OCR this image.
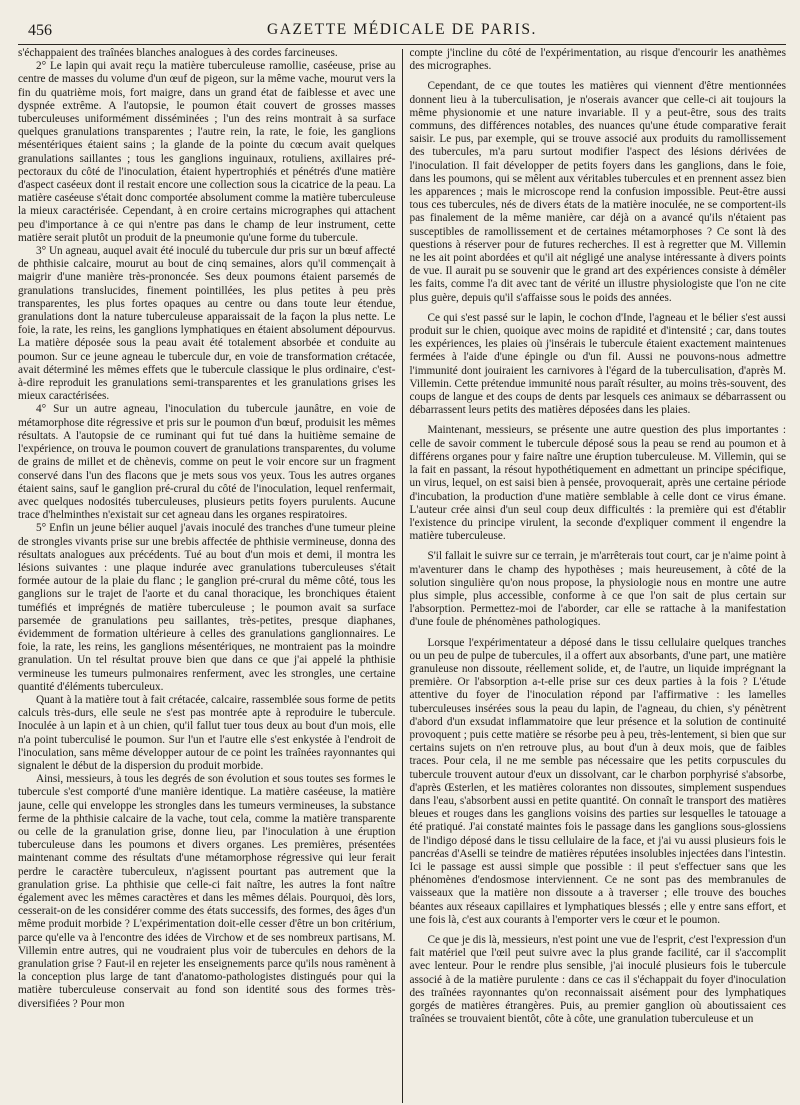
456	GAZETTE MÉDICALE DE PARIS.

s'échappaient des traînées blanches analogues à des cordes farcineuses.

2° Le lapin qui avait reçu la matière tuberculeuse ramollie, caséeuse, prise au centre de masses du volume d'un œuf de pigeon, sur la même vache, mourut vers la fin du quatrième mois, fort maigre, dans un grand état de faiblesse et avec une dyspnée extrême. A l'autopsie, le poumon était couvert de grosses masses tuberculeuses uniformément disséminées ; l'un des reins montrait à sa surface quelques granulations transparentes ; l'autre rein, la rate, le foie, les ganglions mésentériques étaient sains ; la glande de la pointe du cœcum avait quelques granulations saillantes ; tous les ganglions inguinaux, rotuliens, axillaires pré-pectoraux du côté de l'inoculation, étaient hypertrophiés et pénétrés d'une matière d'aspect caséeux dont il restait encore une collection sous la cicatrice de la peau. La matière caséeuse s'était donc comportée absolument comme la matière tuberculeuse la mieux caractérisée. Cependant, à en croire certains micrographes qui attachent peu d'importance à ce qui n'entre pas dans le champ de leur instrument, cette matière serait plutôt un produit de la pneumonie qu'une forme du tubercule.

3° Un agneau, auquel avait été inoculé du tubercule dur pris sur un bœuf affecté de phthisie calcaire, mourut au bout de cinq semaines, alors qu'il commençait à maigrir d'une manière très-prononcée. Ses deux poumons étaient parsemés de granulations translucides, finement pointillées, les plus petites à peu près transparentes, les plus fortes opaques au centre ou dans toute leur étendue, granulations dont la nature tuberculeuse apparaissait de la façon la plus nette. Le foie, la rate, les reins, les ganglions lymphatiques en étaient absolument dépourvus. La matière déposée sous la peau avait été totalement absorbée et conduite au poumon. Sur ce jeune agneau le tubercule dur, en voie de transformation crétacée, avait déterminé les mêmes effets que le tubercule classique le plus ordinaire, c'est-à-dire reproduit les granulations semi-transparentes et les granulations grises les mieux caractérisées.

4° Sur un autre agneau, l'inoculation du tubercule jaunâtre, en voie de métamorphose dite régressive et pris sur le poumon d'un bœuf, produisit les mêmes résultats. A l'autopsie de ce ruminant qui fut tué dans la huitième semaine de l'expérience, on trouva le poumon couvert de granulations transparentes, du volume de grains de millet et de chènevis, comme on peut le voir encore sur un fragment conservé dans l'un des flacons que je mets sous vos yeux. Tous les autres organes étaient sains, sauf le ganglion pré-crural du côté de l'inoculation, lequel renfermait, avec quelques nodosités tuberculeuses, plusieurs petits foyers purulents. Aucune trace d'helminthes n'existait sur cet agneau dans les organes respiratoires.

5° Enfin un jeune bélier auquel j'avais inoculé des tranches d'une tumeur pleine de strongles vivants prise sur une brebis affectée de phthisie vermineuse, donna des résultats analogues aux précédents. Tué au bout d'un mois et demi, il montra les lésions suivantes : une plaque indurée avec granulations tuberculeuses s'était formée autour de la plaie du flanc ; le ganglion pré-crural du même côté, tous les ganglions sur le trajet de l'aorte et du canal thoracique, les bronchiques étaient tuméfiés et imprégnés de matière tuberculeuse ; le poumon avait sa surface parsemée de granulations peu saillantes, très-petites, presque diaphanes, évidemment de formation ultérieure à celles des granulations ganglionnaires. Le foie, la rate, les reins, les ganglions mésentériques, ne montraient pas la moindre granulation. Un tel résultat prouve bien que dans ce que j'ai appelé la phthisie vermineuse les tumeurs pulmonaires renferment, avec les strongles, une certaine quantité d'éléments tuberculeux.

Quant à la matière tout à fait crétacée, calcaire, rassemblée sous forme de petits calculs très-durs, elle seule ne s'est pas montrée apte à reproduire le tubercule. Inoculée à un lapin et à un chien, qu'il fallut tuer tous deux au bout d'un mois, elle n'a point tuberculisé le poumon. Sur l'un et l'autre elle s'est enkystée à l'endroit de l'inoculation, sans même développer autour de ce point les traînées rayonnantes qui signalent le début de la dispersion du produit morbide.

Ainsi, messieurs, à tous les degrés de son évolution et sous toutes ses formes le tubercule s'est comporté d'une manière identique. La matière caséeuse, la matière jaune, celle qui enveloppe les strongles dans les tumeurs vermineuses, la substance ferme de la phthisie calcaire de la vache, tout cela, comme la matière transparente ou celle de la granulation grise, donne lieu, par l'inoculation à une éruption tuberculeuse dans les poumons et divers organes. Les premières, présentées maintenant comme des résultats d'une métamorphose régressive qui leur ferait perdre le caractère tuberculeux, n'agissent pourtant pas autrement que la granulation grise. La phthisie que celle-ci fait naître, les autres la font naître également avec les mêmes caractères et dans les mêmes délais. Pourquoi, dès lors, cesserait-on de les considérer comme des états successifs, des formes, des âges d'un même produit morbide ? L'expérimentation doit-elle cesser d'être un bon critérium, parce qu'elle va à l'encontre des idées de Virchow et de ses nombreux partisans, M. Villemin entre autres, qui ne voudraient plus voir de tubercules en dehors de la granulation grise ? Faut-il en rejeter les enseignements parce qu'ils nous ramènent à la conception plus large de tant d'anatomo-pathologistes distingués pour qui la matière tuberculeuse conservait au fond son identité sous des formes très-diversifiées ? Pour mon

compte j'incline du côté de l'expérimentation, au risque d'encourir les anathèmes des micrographes.

Cependant, de ce que toutes les matières qui viennent d'être mentionnées donnent lieu à la tuberculisation, je n'oserais avancer que celle-ci ait toujours la même physionomie et une nature invariable. Il y a peut-être, sous des traits communs, des différences notables, des nuances qu'une étude comparative ferait saisir. Le pus, par exemple, qui se trouve associé aux produits du ramollissement des tubercules, m'a paru surtout modifier l'aspect des lésions dérivées de l'inoculation. Il fait développer de petits foyers dans les ganglions, dans le foie, dans les poumons, qui se mêlent aux véritables tubercules et en prennent assez bien les apparences ; mais le microscope rend la confusion impossible. Peut-être aussi tous ces tubercules, nés de divers états de la matière inoculée, ne se comportent-ils pas finalement de la même manière, car déjà on a avancé qu'ils n'étaient pas susceptibles de ramollissement et de certaines métamorphoses ? Ce sont là des questions à réserver pour de futures recherches. Il est à regretter que M. Villemin ne les ait point abordées et qu'il ait négligé une analyse intéressante à divers points de vue. Il aurait pu se souvenir que le grand art des expériences consiste à démêler les faits, comme l'a dit avec tant de vérité un illustre physiologiste que l'on ne cite plus guère, depuis qu'il s'affaisse sous le poids des années.

Ce qui s'est passé sur le lapin, le cochon d'Inde, l'agneau et le bélier s'est aussi produit sur le chien, quoique avec moins de rapidité et d'intensité ; car, dans toutes les expériences, les plaies où j'insérais le tubercule étaient exactement maintenues fermées à l'aide d'une épingle ou d'un fil. Aussi ne pouvons-nous admettre l'immunité dont jouiraient les carnivores à l'égard de la tuberculisation, d'après M. Villemin. Cette prétendue immunité nous paraît résulter, au moins très-souvent, des coups de langue et des coups de dents par lesquels ces animaux se débarrassent ou débarrassent leurs petits des matières déposées dans les plaies.

Maintenant, messieurs, se présente une autre question des plus importantes : celle de savoir comment le tubercule déposé sous la peau se rend au poumon et à différens organes pour y faire naître une éruption tuberculeuse. M. Villemin, qui se la fait en passant, la résout hypothétiquement en admettant un principe spécifique, un virus, lequel, on est saisi bien à pensée, provoquerait, après une certaine période d'incubation, la production d'une matière semblable à celle dont ce virus émane. L'auteur crée ainsi d'un seul coup deux difficultés : la première qui est d'établir l'existence du principe virulent, la seconde d'expliquer comment il engendre la matière tuberculeuse.

S'il fallait le suivre sur ce terrain, je m'arrêterais tout court, car je n'aime point à m'aventurer dans le champ des hypothèses ; mais heureusement, à côté de la solution singulière qu'on nous propose, la physiologie nous en montre une autre plus simple, plus accessible, conforme à ce que l'on sait de plus certain sur l'absorption. Permettez-moi de l'aborder, car elle se rattache à la manifestation d'une foule de phénomènes pathologiques.

Lorsque l'expérimentateur a déposé dans le tissu cellulaire quelques tranches ou un peu de pulpe de tubercules, il a offert aux absorbants, d'une part, une matière granuleuse non dissoute, réellement solide, et, de l'autre, un liquide imprégnant la première. Or l'absorption a-t-elle prise sur ces deux parties à la fois ? L'étude attentive du foyer de l'inoculation répond par l'affirmative : les lamelles tuberculeuses insérées sous la peau du lapin, de l'agneau, du chien, s'y pénètrent d'abord d'un exsudat inflammatoire que leur présence et la solution de continuité provoquent ; puis cette matière se résorbe peu à peu, très-lentement, si bien que sur certains sujets on n'en retrouve plus, au bout d'un à deux mois, que de faibles traces. Pour cela, il ne me semble pas nécessaire que les petits corpuscules du tubercule trouvent autour d'eux un dissolvant, car le charbon porphyrisé s'absorbe, d'après Œsterlen, et les matières colorantes non dissoutes, simplement suspendues dans l'eau, s'absorbent aussi en petite quantité. On connaît le transport des matières bleues et rouges dans les ganglions voisins des parties sur lesquelles le tatouage a été pratiqué. J'ai constaté maintes fois le passage dans les ganglions sous-glossiens de l'indigo déposé dans le tissu cellulaire de la face, et j'ai vu aussi plusieurs fois le pancréas d'Aselli se teindre de matières réputées insolubles injectées dans l'intestin. Ici le passage est aussi simple que possible : il peut s'effectuer sans que les phénomènes d'endosmose interviennent. Ce ne sont pas des membranules de vaisseaux que la matière non dissoute a à traverser ; elle trouve des bouches béantes aux réseaux capillaires et lymphatiques blessés ; elle y entre sans effort, et une fois là, c'est aux courants à l'emporter vers le cœur et le poumon.

Ce que je dis là, messieurs, n'est point une vue de l'esprit, c'est l'expression d'un fait matériel que l'œil peut suivre avec la plus grande facilité, car il s'accomplit avec lenteur. Pour le rendre plus sensible, j'ai inoculé plusieurs fois le tubercule associé à de la matière purulente : dans ce cas il s'échappait du foyer d'inoculation des traînées rayonnantes qu'on reconnaissait aisément pour des lymphatiques gorgés de matières étrangères. Puis, au premier ganglion où aboutissaient ces traînées se trouvaient bientôt, côte à côte, une granulation tuberculeuse et un
